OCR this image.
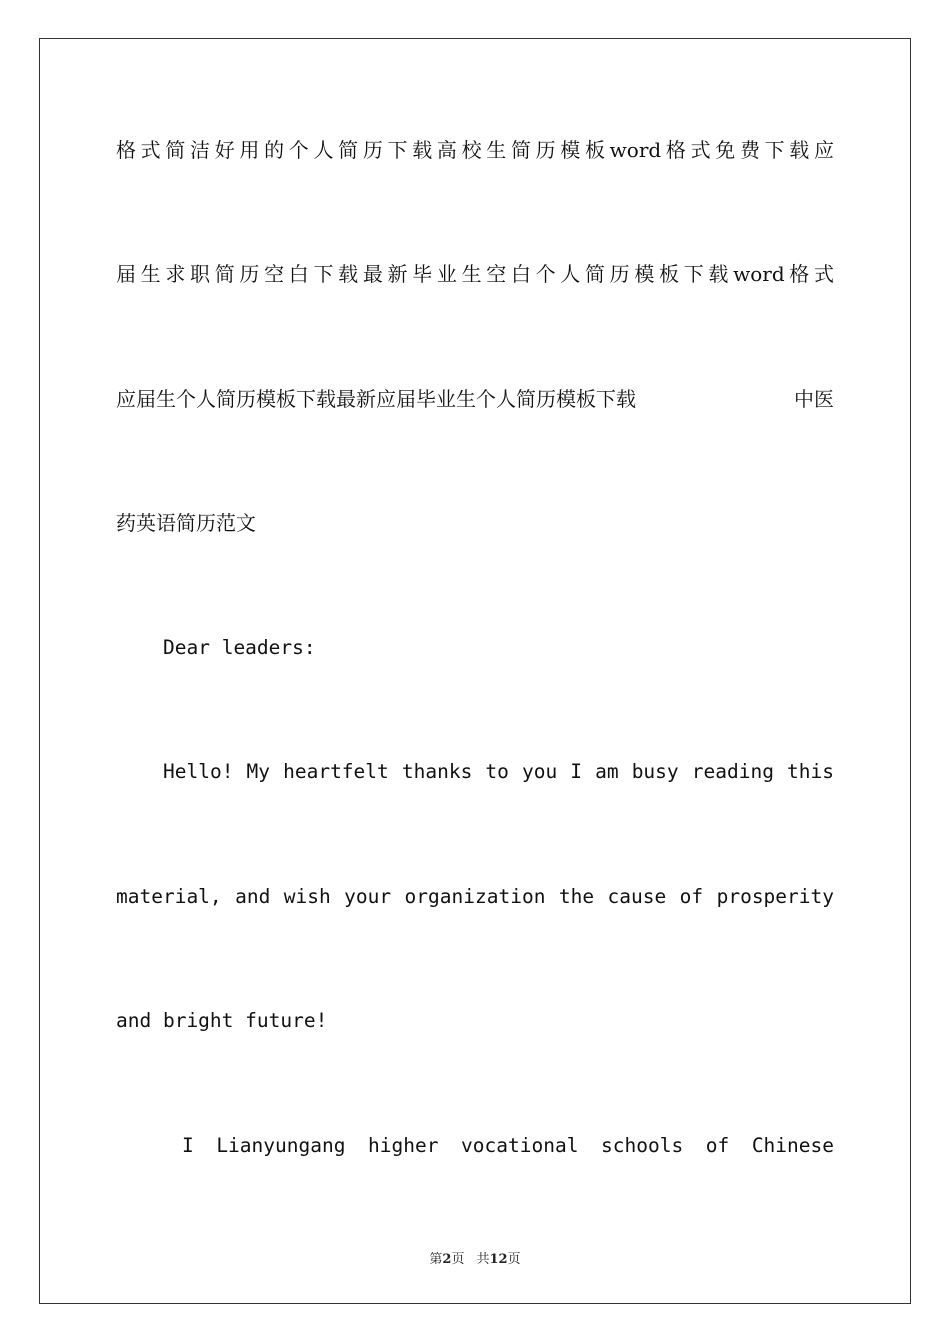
格式简洁好用的个人简历下载高校生简历模板word格式免费下载应
届生求职简历空白下载最新毕业生空白个人简历模板下载word格式
应届生个人简历模板下载最新应届毕业生个人简历模板下载	中医
药英语简历范文
Dear leaders:
Hello! My heartfelt thanks to you I am busy reading this
material, and wish your organization the cause of prosperity
and bright future!
I Lianyungang higher vocational schools of Chinese
第2页 共12页
